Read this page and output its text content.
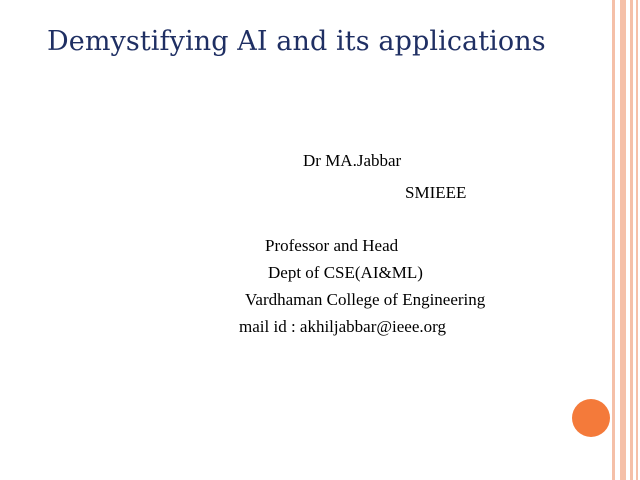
Demystifying AI and its applications

Dr MA.Jabbar

SMIEEE

Professor and Head

Dept of CSE(AI&ML)

Vardhaman College of Engineering

mail id : akhiljabbar@ieee.org
